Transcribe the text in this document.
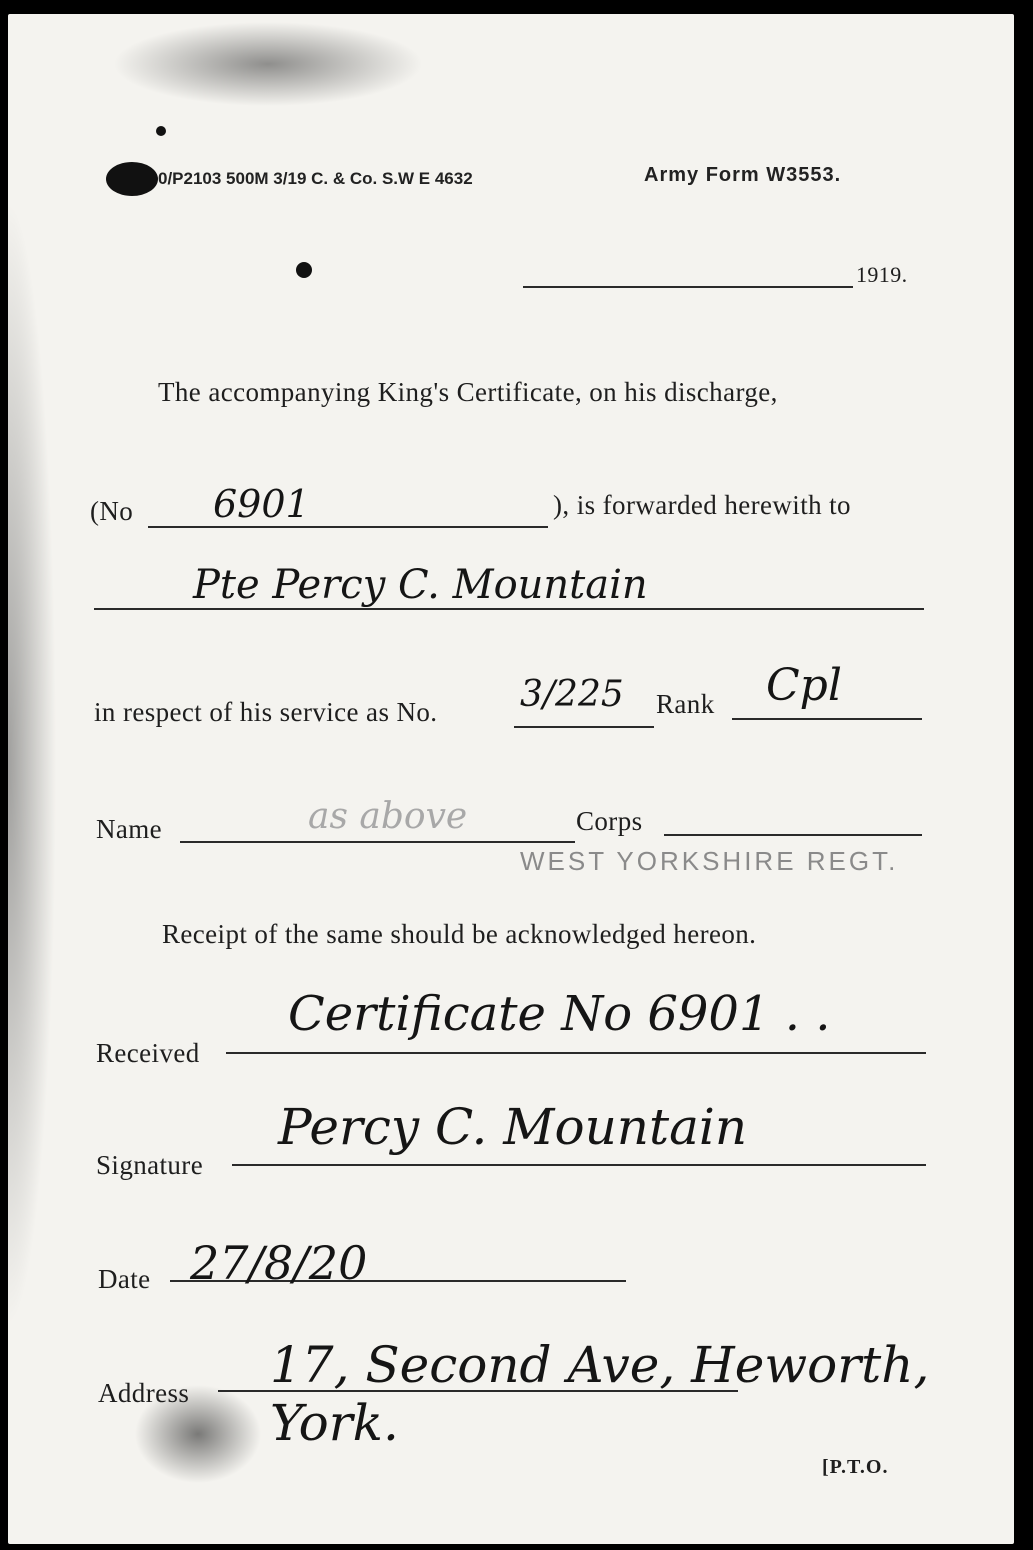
0/P2103 500M 3/19 C. & Co. S.W E 4632	Army Form W3553.
1919.
The accompanying King's Certificate, on his discharge,
(No 6901	), is forwarded herewith to
Pte Percy C. Mountain
in respect of his service as No. 3/225 Rank Cpl
Name	as above	Corps
WEST YORKSHIRE REGT.
Receipt of the same should be acknowledged hereon.
Received
Certificate No 6901 . .
Signature
Percy C. Mountain
Date 27/8/20
Address 17, Second Ave, Heworth, York.
[P.T.O.
